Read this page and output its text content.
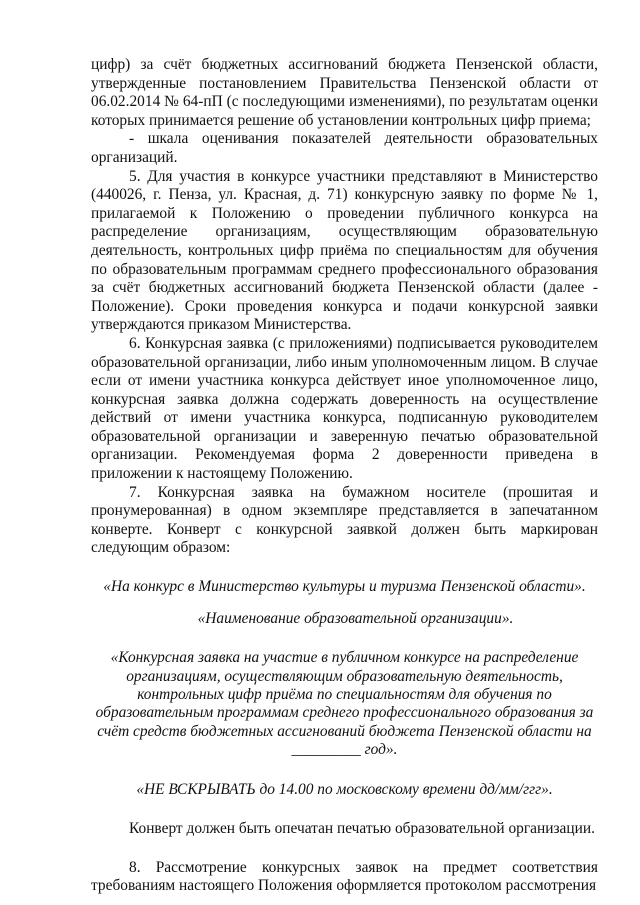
цифр) за счёт бюджетных ассигнований бюджета Пензенской области, утвержденные постановлением Правительства Пензенской области от 06.02.2014 № 64-пП (с последующими изменениями), по результатам оценки которых принимается решение об установлении контрольных цифр приема;

- шкала оценивания показателей деятельности образовательных организаций.

5. Для участия в конкурсе участники представляют в Министерство (440026, г. Пенза, ул. Красная, д. 71) конкурсную заявку по форме № 1, прилагаемой к Положению о проведении публичного конкурса на распределение организациям, осуществляющим образовательную деятельность, контрольных цифр приёма по специальностям для обучения по образовательным программам среднего профессионального образования за счёт бюджетных ассигнований бюджета Пензенской области (далее - Положение). Сроки проведения конкурса и подачи конкурсной заявки утверждаются приказом Министерства.

6. Конкурсная заявка (с приложениями) подписывается руководителем образовательной организации, либо иным уполномоченным лицом. В случае если от имени участника конкурса действует иное уполномоченное лицо, конкурсная заявка должна содержать доверенность на осуществление действий от имени участника конкурса, подписанную руководителем образовательной организации и заверенную печатью образовательной организации. Рекомендуемая форма 2 доверенности приведена в приложении к настоящему Положению.

7. Конкурсная заявка на бумажном носителе (прошитая и пронумерованная) в одном экземпляре представляется в запечатанном конверте. Конверт с конкурсной заявкой должен быть маркирован следующим образом:

«На конкурс в Министерство культуры и туризма Пензенской области».

«Наименование образовательной организации».

«Конкурсная заявка на участие в публичном конкурсе на распределение организациям, осуществляющим образовательную деятельность, контрольных цифр приёма по специальностям для обучения по образовательным программам среднего профессионального образования за счёт средств бюджетных ассигнований бюджета Пензенской области на _________ год».

«НЕ ВСКРЫВАТЬ до 14.00 по московскому времени дд/мм/ггг».

Конверт должен быть опечатан печатью образовательной организации.

8. Рассмотрение конкурсных заявок на предмет соответствия требованиям настоящего Положения оформляется протоколом рассмотрения
